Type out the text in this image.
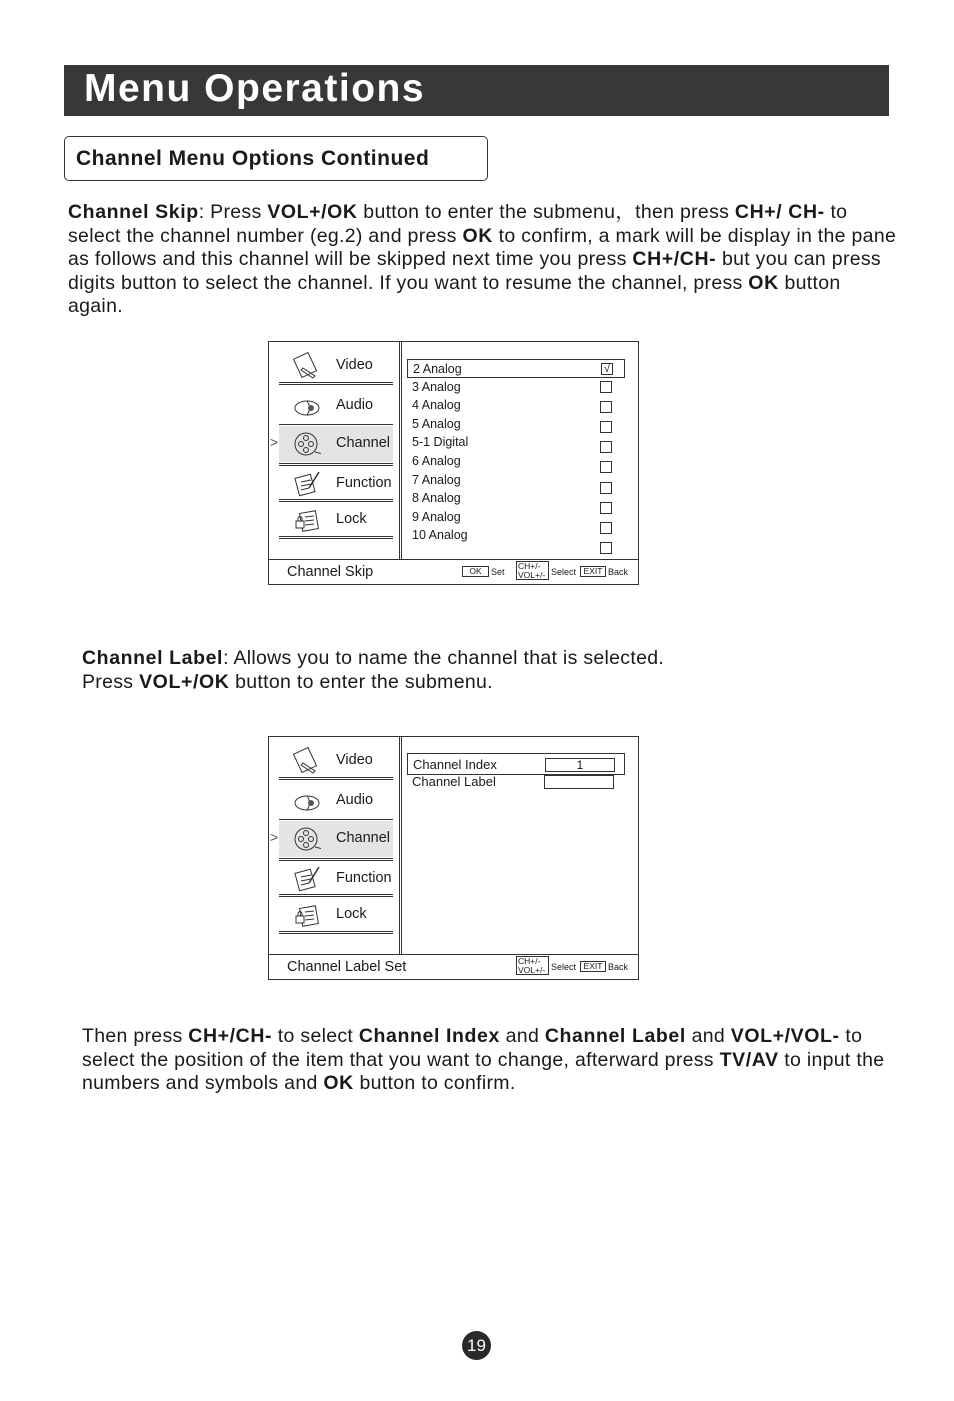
Menu Operations
Channel Menu Options Continued
Channel Skip: Press VOL+/OK button to enter the submenu，then press CH+/ CH- to select the channel number (eg.2) and press OK to confirm, a mark will be display in the pane as follows and this channel will be skipped next time you press CH+/CH- but you can press digits button to select the channel. If you want to resume the channel, press OK button again.
Video
Audio
>	Channel
Function
Lock
2 Analog	√
3 Analog
4 Analog
5 Analog
5-1 Digital
6 Analog
7 Analog
8 Analog
9 Analog
10 Analog
Channel Skip	OK	Set
CH+/-
VOL+/- Select EXIT Back
Channel Label: Allows you to name the channel that is selected.
Press VOL+/OK button to enter the submenu.
Video
Audio
>	Channel
Function
Lock
Channel Index	1
Channel Label
Channel Label Set	CH+/-
VOL+/- Select EXIT Back
Then press CH+/CH- to select Channel Index and Channel Label and VOL+/VOL- to select the position of the item that you want to change, afterward press TV/AV to input the numbers and symbols and OK button to confirm.
19
